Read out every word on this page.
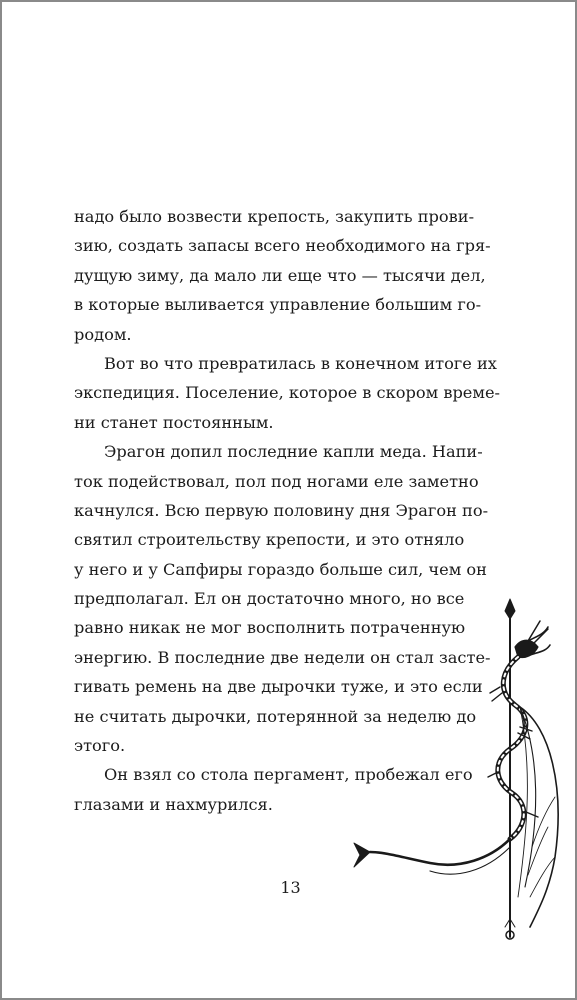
надо было возвести крепость, закупить прови-
зию, создать запасы всего необходимого на гря-
дущую зиму, да мало ли еще что — тысячи дел,
в которые выливается управление большим го-
родом.
Вот во что превратилась в конечном итоге их
экспедиция. Поселение, которое в скором време-
ни станет постоянным.
Эрагон допил последние капли меда. Напи-
ток подействовал, пол под ногами еле заметно
качнулся. Всю первую половину дня Эрагон по-
святил строительству крепости, и это отняло
у него и у Сапфиры гораздо больше сил, чем он
предполагал. Ел он достаточно много, но все
равно никак не мог восполнить потраченную
энергию. В последние две недели он стал засте-
гивать ремень на две дырочки туже, и это если
не считать дырочки, потерянной за неделю до
этого.
Он взял со стола пергамент, пробежал его
глазами и нахмурился.
13
